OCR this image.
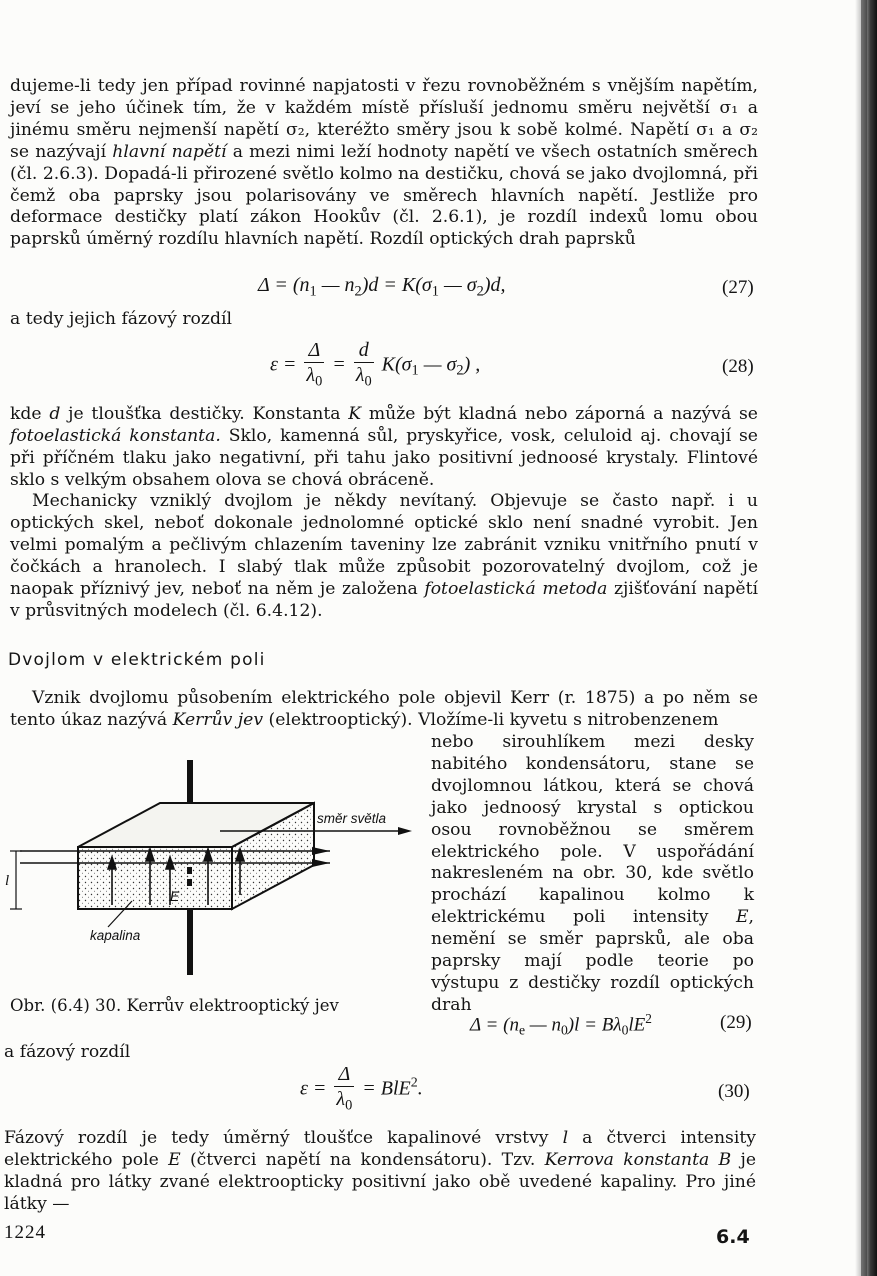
dujeme-li tedy jen případ rovinné napjatosti v řezu rovnoběžném s vnějším napětím, jeví se jeho účinek tím, že v každém místě přísluší jednomu směru největší σ₁ a jinému směru nejmenší napětí σ₂, kteréžto směry jsou k sobě kolmé. Napětí σ₁ a σ₂ se nazývají hlavní napětí a mezi nimi leží hodnoty napětí ve všech ostatních směrech (čl. 2.6.3). Dopadá-li přirozené světlo kolmo na destičku, chová se jako dvojlomná, při čemž oba paprsky jsou polarisovány ve směrech hlavních napětí. Jestliže pro deformace destičky platí zákon Hookův (čl. 2.6.1), je rozdíl indexů lomu obou paprsků úměrný rozdílu hlavních napětí. Rozdíl optických drah paprsků

$\Delta = (n_1$ — $n_2)d = K(\sigma_1$ — $\sigma_2)d$,	(27)

a tedy jejich fázový rozdíl

$\varepsilon = \frac{\Delta}{\lambda_0} = \frac{d}{\lambda_0} K(\sigma_1$ — $\sigma_2$) ,	(28)

kde d je tloušťka destičky. Konstanta K může být kladná nebo záporná a nazývá se fotoelastická konstanta. Sklo, kamenná sůl, pryskyřice, vosk, celuloid aj. chovají se při příčném tlaku jako negativní, při tahu jako positivní jednoosé krystaly. Flintové sklo s velkým obsahem olova se chová obráceně.

Mechanicky vzniklý dvojlom je někdy nevítaný. Objevuje se často např. i u optických skel, neboť dokonale jednolomné optické sklo není snadné vyrobit. Jen velmi pomalým a pečlivým chlazením taveniny lze zabránit vzniku vnitřního pnutí v čočkách a hranolech. I slabý tlak může způsobit pozorovatelný dvojlom, což je naopak příznivý jev, neboť na něm je založena fotoelastická metoda zjišťování napětí v průsvitných modelech (čl. 6.4.12).

Dvojlom v elektrickém poli

Vznik dvojlomu působením elektrického pole objevil Kerr (r. 1875) a po něm se tento úkaz nazývá Kerrův jev (elektrooptický). Vložíme-li kyvetu s nitrobenzenem

nebo sirouhlíkem mezi desky nabitého kondensátoru, stane se dvojlomnou látkou, která se chová jako jednoosý krystal s optickou osou rovnoběžnou se směrem elektrického pole. V uspořádání nakresleném na obr. 30, kde světlo prochází kapalinou kolmo k elektrickému poli intensity E, nemění se směr paprsků, ale oba paprsky mají podle teorie po výstupu z destičky rozdíl optických drah

směr světla
l
E
kapalina
Obr. (6.4) 30. Kerrův elektrooptický jev
$\Delta = (n_e$ — $n_0)l = B\lambda_0lE^2$	(29)

a fázový rozdíl

$\varepsilon = \frac{\Delta}{\lambda_0} = BlE^2$.	(30)

Fázový rozdíl je tedy úměrný tloušťce kapalinové vrstvy l a čtverci intensity elektrického pole E (čtverci napětí na kondensátoru). Tzv. Kerrova konstanta B je kladná pro látky zvané elektroopticky positivní jako obě uvedené kapaliny. Pro jiné látky —

1224	6.4
